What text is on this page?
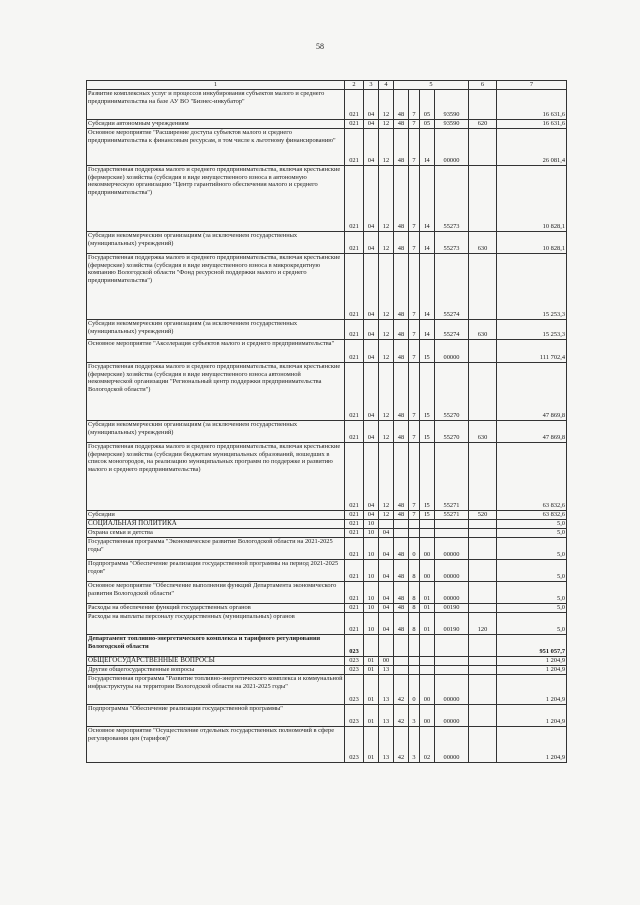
58
1	2	3	4	5				6	7
Развитие комплексных услуг и процессов инкубирования субъектов малого и среднего предпринимательства на базе АУ ВО "Бизнес-инкубатор"	021	04	12	48	7	05	93590		16 631,6
Субсидии автономным учреждениям	021	04	12	48	7	05	93590	620	16 631,6
Основное мероприятие "Расширение доступа субъектов малого и среднего предпринимательства к финансовым ресурсам, в том числе к льготному финансированию"	021	04	12	48	7	I4	00000		26 081,4
Государственная поддержка малого и среднего предпринимательства, включая крестьянские (фермерские) хозяйства (субсидия в виде имущественного взноса в автономную некоммерческую организацию "Центр гарантийного обеспечения малого и среднего предпринимательства")	021	04	12	48	7	I4	55273		10 828,1
Субсидии некоммерческим организациям (за исключением государственных (муниципальных) учреждений)	021	04	12	48	7	I4	55273	630	10 828,1
Государственная поддержка малого и среднего предпринимательства, включая крестьянские (фермерские) хозяйства (субсидия в виде имущественного взноса в микрокредитную компанию Вологодской области "Фонд ресурсной поддержки малого и среднего предпринимательства")	021	04	12	48	7	I4	55274		15 253,3
Субсидии некоммерческим организациям (за исключением государственных (муниципальных) учреждений)	021	04	12	48	7	I4	55274	630	15 253,3
Основное мероприятие "Акселерация субъектов малого и среднего предпринимательства"	021	04	12	48	7	I5	00000		111 702,4
Государственная поддержка малого и среднего предпринимательства, включая крестьянские (фермерские) хозяйства (субсидия в виде имущественного взноса автономной некоммерческой организации "Региональный центр поддержки предпринимательства Вологодской области")	021	04	12	48	7	I5	55270		47 869,8
Субсидии некоммерческим организациям (за исключением государственных (муниципальных) учреждений)	021	04	12	48	7	I5	55270	630	47 869,8
Государственная поддержка малого и среднего предпринимательства, включая крестьянские (фермерские) хозяйства (субсидии бюджетам муниципальных образований, вошедших в список моногородов, на реализацию муниципальных программ по поддержке и развитию малого и среднего предпринимательства)	021	04	12	48	7	I5	55271		63 832,6
Субсидии	021	04	12	48	7	I5	55271	520	63 832,6
СОЦИАЛЬНАЯ ПОЛИТИКА	021	10							5,0
Охрана семьи и детства	021	10	04						5,0
Государственная программа "Экономическое развитие Вологодской области на 2021-2025 годы"	021	10	04	48	0	00	00000		5,0
Подпрограмма "Обеспечение реализации государственной программы на период 2021-2025 годов"	021	10	04	48	8	00	00000		5,0
Основное мероприятие "Обеспечение выполнения функций Департамента экономического развития Вологодской области"	021	10	04	48	8	01	00000		5,0
Расходы на обеспечение функций государственных органов	021	10	04	48	8	01	00190		5,0
Расходы на выплаты персоналу государственных (муниципальных) органов	021	10	04	48	8	01	00190	120	5,0
Департамент топливно-энергетического комплекса и тарифного регулирования Вологодской области	023								951 057,7
ОБЩЕГОСУДАРСТВЕННЫЕ ВОПРОСЫ	023	01	00						1 204,9
Другие общегосударственные вопросы	023	01	13						1 204,9
Государственная программа "Развитие топливно-энергетического комплекса и коммунальной инфраструктуры на территории Вологодской области на 2021-2025 годы"	023	01	13	42	0	00	00000		1 204,9
Подпрограмма "Обеспечение реализации государственной программы"	023	01	13	42	3	00	00000		1 204,9
Основное мероприятие "Осуществление отдельных государственных полномочий в сфере регулирования цен (тарифов)"	023	01	13	42	3	02	00000		1 204,9
